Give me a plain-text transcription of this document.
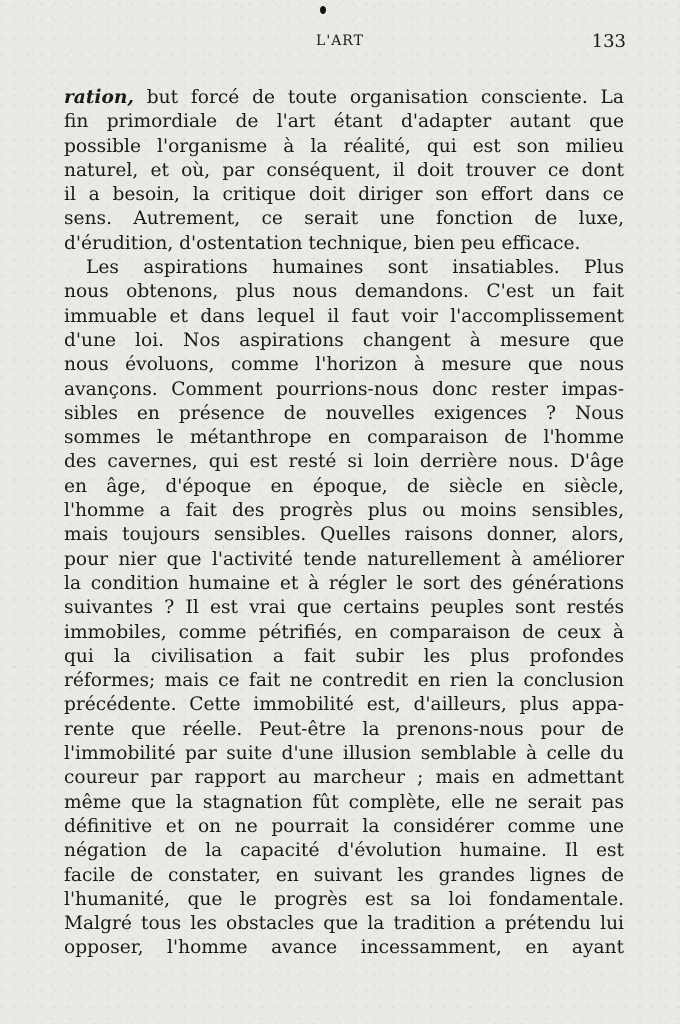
L'ART	133
ration, but forcé de toute organisation consciente. La
fin primordiale de l'art étant d'adapter autant que
possible l'organisme à la réalité, qui est son milieu
naturel, et où, par conséquent, il doit trouver ce dont
il a besoin, la critique doit diriger son effort dans ce
sens. Autrement, ce serait une fonction de luxe,
d'érudition, d'ostentation technique, bien peu efficace.
Les aspirations humaines sont insatiables. Plus
nous obtenons, plus nous demandons. C'est un fait
immuable et dans lequel il faut voir l'accomplissement
d'une loi. Nos aspirations changent à mesure que
nous évoluons, comme l'horizon à mesure que nous
avançons. Comment pourrions-nous donc rester impas-
sibles en présence de nouvelles exigences ? Nous
sommes le métanthrope en comparaison de l'homme
des cavernes, qui est resté si loin derrière nous. D'âge
en âge, d'époque en époque, de siècle en siècle,
l'homme a fait des progrès plus ou moins sensibles,
mais toujours sensibles. Quelles raisons donner, alors,
pour nier que l'activité tende naturellement à améliorer
la condition humaine et à régler le sort des générations
suivantes ? Il est vrai que certains peuples sont restés
immobiles, comme pétrifiés, en comparaison de ceux à
qui la civilisation a fait subir les plus profondes
réformes; mais ce fait ne contredit en rien la conclusion
précédente. Cette immobilité est, d'ailleurs, plus appa-
rente que réelle. Peut-être la prenons-nous pour de
l'immobilité par suite d'une illusion semblable à celle du
coureur par rapport au marcheur ; mais en admettant
même que la stagnation fût complète, elle ne serait pas
définitive et on ne pourrait la considérer comme une
négation de la capacité d'évolution humaine. Il est
facile de constater, en suivant les grandes lignes de
l'humanité, que le progrès est sa loi fondamentale.
Malgré tous les obstacles que la tradition a prétendu lui
opposer, l'homme avance incessamment, en ayant
